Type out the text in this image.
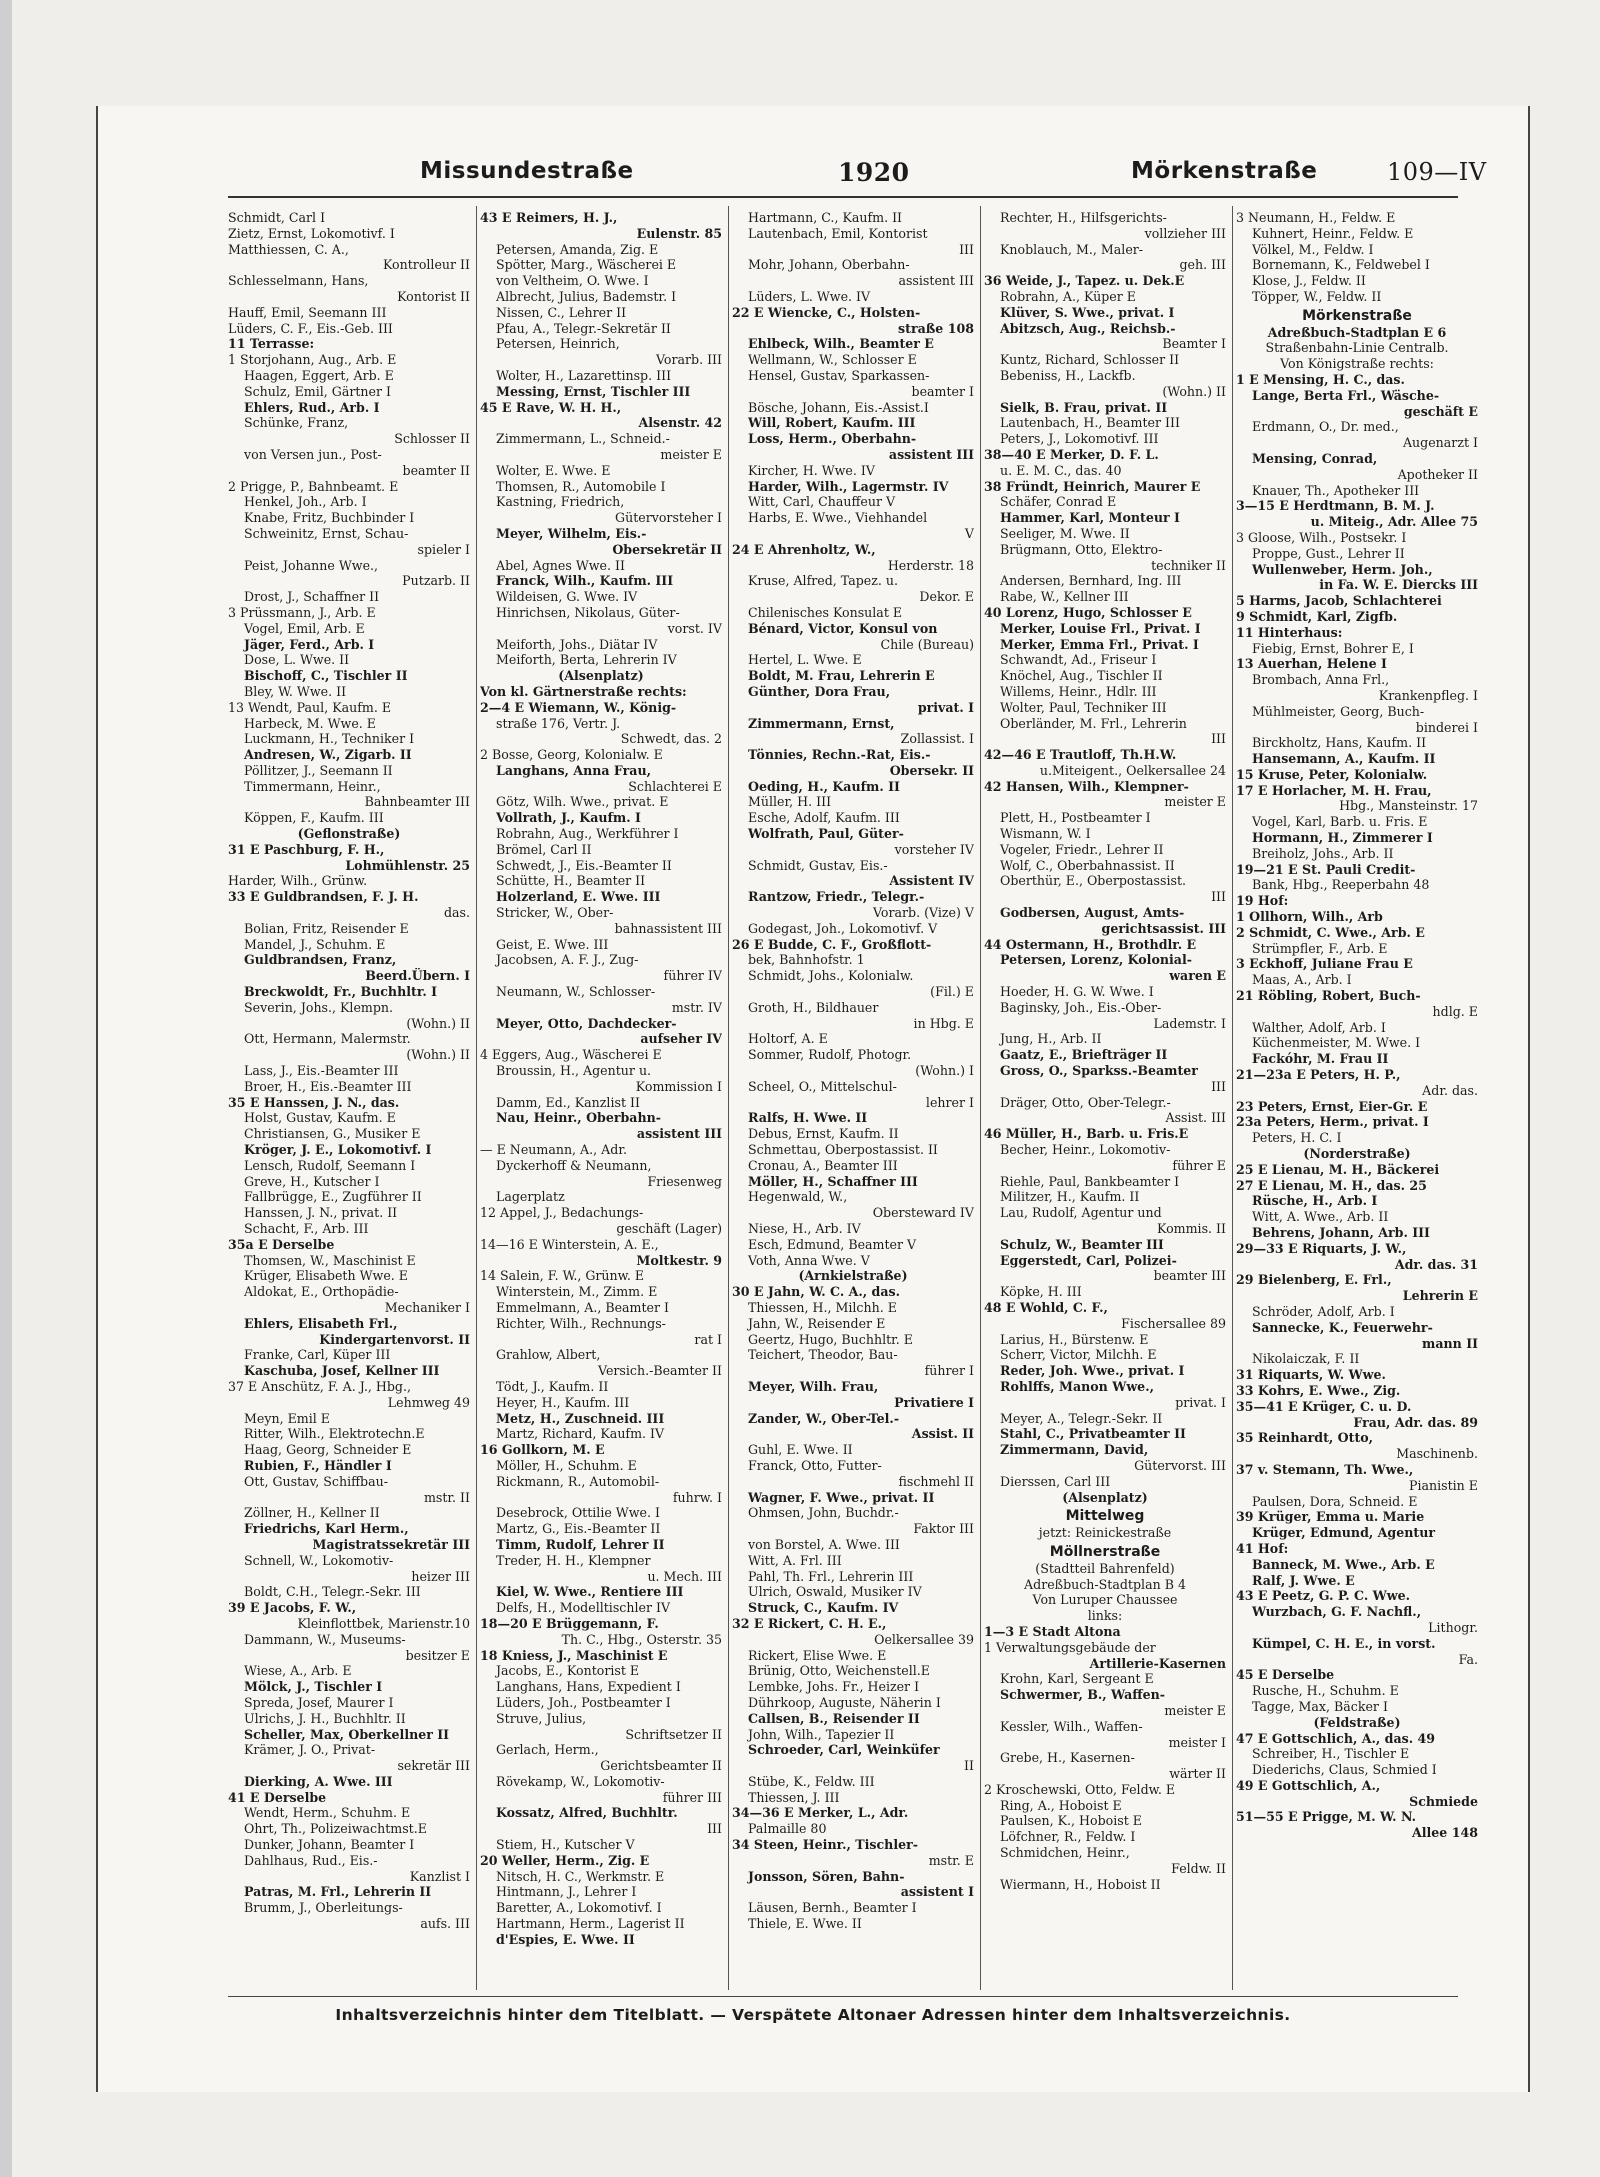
Missundestraße	1920	Mörkenstraße	109—IV
Schmidt, Carl I
Zietz, Ernst, Lokomotivf. I
Matthiessen, C. A.,
Kontrolleur II
Schlesselmann, Hans,
Kontorist II
Hauff, Emil, Seemann III
Lüders, C. F., Eis.-Geb. III
11 Terrasse:
1 Storjohann, Aug., Arb. E
Haagen, Eggert, Arb. E
Schulz, Emil, Gärtner I
Ehlers, Rud., Arb. I
Schünke, Franz,
Schlosser II
von Versen jun., Post-
beamter II
2 Prigge, P., Bahnbeamt. E
Henkel, Joh., Arb. I
Knabe, Fritz, Buchbinder I
Schweinitz, Ernst, Schau-
spieler I
Peist, Johanne Wwe.,
Putzarb. II
Drost, J., Schaffner II
3 Prüssmann, J., Arb. E
Vogel, Emil, Arb. E
Jäger, Ferd., Arb. I
Dose, L. Wwe. II
Bischoff, C., Tischler II
Bley, W. Wwe. II
13 Wendt, Paul, Kaufm. E
Harbeck, M. Wwe. E
Luckmann, H., Techniker I
Andresen, W., Zigarb. II
Pöllitzer, J., Seemann II
Timmermann, Heinr.,
Bahnbeamter III
Köppen, F., Kaufm. III
(Geflonstraße)
31 E Paschburg, F. H.,
Lohmühlenstr. 25
Harder, Wilh., Grünw.
33 E Guldbrandsen, F. J. H.
das.
Bolian, Fritz, Reisender E
Mandel, J., Schuhm. E
Guldbrandsen, Franz,
Beerd.Übern. I
Breckwoldt, Fr., Buchhltr. I
Severin, Johs., Klempn.
(Wohn.) II
Ott, Hermann, Malermstr.
(Wohn.) II
Lass, J., Eis.-Beamter III
Broer, H., Eis.-Beamter III
35 E Hanssen, J. N., das.
Holst, Gustav, Kaufm. E
Christiansen, G., Musiker E
Kröger, J. E., Lokomotivf. I
Lensch, Rudolf, Seemann I
Greve, H., Kutscher I
Fallbrügge, E., Zugführer II
Hanssen, J. N., privat. II
Schacht, F., Arb. III
35a E Derselbe
Thomsen, W., Maschinist E
Krüger, Elisabeth Wwe. E
Aldokat, E., Orthopädie-
Mechaniker I
Ehlers, Elisabeth Frl.,
Kindergartenvorst. II
Franke, Carl, Küper III
Kaschuba, Josef, Kellner III
37 E Anschütz, F. A. J., Hbg.,
Lehmweg 49
Meyn, Emil E
Ritter, Wilh., Elektrotechn.E
Haag, Georg, Schneider E
Rubien, F., Händler I
Ott, Gustav, Schiffbau-
mstr. II
Zöllner, H., Kellner II
Friedrichs, Karl Herm.,
Magistratssekretär III
Schnell, W., Lokomotiv-
heizer III
Boldt, C.H., Telegr.-Sekr. III
39 E Jacobs, F. W.,
Kleinflottbek, Marienstr.10
Dammann, W., Museums-
besitzer E
Wiese, A., Arb. E
Mölck, J., Tischler I
Spreda, Josef, Maurer I
Ulrichs, J. H., Buchhltr. II
Scheller, Max, Oberkellner II
Krämer, J. O., Privat-
sekretär III
Dierking, A. Wwe. III
41 E Derselbe
Wendt, Herm., Schuhm. E
Ohrt, Th., Polizeiwachtmst.E
Dunker, Johann, Beamter I
Dahlhaus, Rud., Eis.-
Kanzlist I
Patras, M. Frl., Lehrerin II
Brumm, J., Oberleitungs-
aufs. III
43 E Reimers, H. J.,
Eulenstr. 85
Petersen, Amanda, Zig. E
Spötter, Marg., Wäscherei E
von Veltheim, O. Wwe. I
Albrecht, Julius, Bademstr. I
Nissen, C., Lehrer II
Pfau, A., Telegr.-Sekretär II
Petersen, Heinrich,
Vorarb. III
Wolter, H., Lazarettinsp. III
Messing, Ernst, Tischler III
45 E Rave, W. H. H.,
Alsenstr. 42
Zimmermann, L., Schneid.-
meister E
Wolter, E. Wwe. E
Thomsen, R., Automobile I
Kastning, Friedrich,
Gütervorsteher I
Meyer, Wilhelm, Eis.-
Obersekretär II
Abel, Agnes Wwe. II
Franck, Wilh., Kaufm. III
Wildeisen, G. Wwe. IV
Hinrichsen, Nikolaus, Güter-
vorst. IV
Meiforth, Johs., Diätar IV
Meiforth, Berta, Lehrerin IV
(Alsenplatz)
Von kl. Gärtnerstraße rechts:
2—4 E Wiemann, W., König-
straße 176, Vertr. J.
Schwedt, das. 2
2 Bosse, Georg, Kolonialw. E
Langhans, Anna Frau,
Schlachterei E
Götz, Wilh. Wwe., privat. E
Vollrath, J., Kaufm. I
Robrahn, Aug., Werkführer I
Brömel, Carl II
Schwedt, J., Eis.-Beamter II
Schütte, H., Beamter II
Holzerland, E. Wwe. III
Stricker, W., Ober-
bahnassistent III
Geist, E. Wwe. III
Jacobsen, A. F. J., Zug-
führer IV
Neumann, W., Schlosser-
mstr. IV
Meyer, Otto, Dachdecker-
aufseher IV
4 Eggers, Aug., Wäscherei E
Broussin, H., Agentur u.
Kommission I
Damm, Ed., Kanzlist II
Nau, Heinr., Oberbahn-
assistent III
— E Neumann, A., Adr.
Dyckerhoff & Neumann,
Friesenweg
Lagerplatz
12 Appel, J., Bedachungs-
geschäft (Lager)
14—16 E Winterstein, A. E.,
Moltkestr. 9
14 Salein, F. W., Grünw. E
Winterstein, M., Zimm. E
Emmelmann, A., Beamter I
Richter, Wilh., Rechnungs-
rat I
Grahlow, Albert,
Versich.-Beamter II
Tödt, J., Kaufm. II
Heyer, H., Kaufm. III
Metz, H., Zuschneid. III
Martz, Richard, Kaufm. IV
16 Gollkorn, M. E
Möller, H., Schuhm. E
Rickmann, R., Automobil-
fuhrw. I
Desebrock, Ottilie Wwe. I
Martz, G., Eis.-Beamter II
Timm, Rudolf, Lehrer II
Treder, H. H., Klempner
u. Mech. III
Kiel, W. Wwe., Rentiere III
Delfs, H., Modelltischler IV
18—20 E Brüggemann, F.
Th. C., Hbg., Osterstr. 35
18 Kniess, J., Maschinist E
Jacobs, E., Kontorist E
Langhans, Hans, Expedient I
Lüders, Joh., Postbeamter I
Struve, Julius,
Schriftsetzer II
Gerlach, Herm.,
Gerichtsbeamter II
Rövekamp, W., Lokomotiv-
führer III
Kossatz, Alfred, Buchhltr.
III
Stiem, H., Kutscher V
20 Weller, Herm., Zig. E
Nitsch, H. C., Werkmstr. E
Hintmann, J., Lehrer I
Baretter, A., Lokomotivf. I
Hartmann, Herm., Lagerist II
d'Espies, E. Wwe. II
Hartmann, C., Kaufm. II
Lautenbach, Emil, Kontorist
III
Mohr, Johann, Oberbahn-
assistent III
Lüders, L. Wwe. IV
22 E Wiencke, C., Holsten-
straße 108
Ehlbeck, Wilh., Beamter E
Wellmann, W., Schlosser E
Hensel, Gustav, Sparkassen-
beamter I
Bösche, Johann, Eis.-Assist.I
Will, Robert, Kaufm. III
Loss, Herm., Oberbahn-
assistent III
Kircher, H. Wwe. IV
Harder, Wilh., Lagermstr. IV
Witt, Carl, Chauffeur V
Harbs, E. Wwe., Viehhandel
V
24 E Ahrenholtz, W.,
Herderstr. 18
Kruse, Alfred, Tapez. u.
Dekor. E
Chilenisches Konsulat E
Bénard, Victor, Konsul von
Chile (Bureau)
Hertel, L. Wwe. E
Boldt, M. Frau, Lehrerin E
Günther, Dora Frau,
privat. I
Zimmermann, Ernst,
Zollassist. I
Tönnies, Rechn.-Rat, Eis.-
Obersekr. II
Oeding, H., Kaufm. II
Müller, H. III
Esche, Adolf, Kaufm. III
Wolfrath, Paul, Güter-
vorsteher IV
Schmidt, Gustav, Eis.-
Assistent IV
Rantzow, Friedr., Telegr.-
Vorarb. (Vize) V
Godegast, Joh., Lokomotivf. V
26 E Budde, C. F., Großflott-
bek, Bahnhofstr. 1
Schmidt, Johs., Kolonialw.
(Fil.) E
Groth, H., Bildhauer
in Hbg. E
Holtorf, A. E
Sommer, Rudolf, Photogr.
(Wohn.) I
Scheel, O., Mittelschul-
lehrer I
Ralfs, H. Wwe. II
Debus, Ernst, Kaufm. II
Schmettau, Oberpostassist. II
Cronau, A., Beamter III
Möller, H., Schaffner III
Hegenwald, W.,
Obersteward IV
Niese, H., Arb. IV
Esch, Edmund, Beamter V
Voth, Anna Wwe. V
(Arnkielstraße)
30 E Jahn, W. C. A., das.
Thiessen, H., Milchh. E
Jahn, W., Reisender E
Geertz, Hugo, Buchhltr. E
Teichert, Theodor, Bau-
führer I
Meyer, Wilh. Frau,
Privatiere I
Zander, W., Ober-Tel.-
Assist. II
Guhl, E. Wwe. II
Franck, Otto, Futter-
fischmehl II
Wagner, F. Wwe., privat. II
Ohmsen, John, Buchdr.-
Faktor III
von Borstel, A. Wwe. III
Witt, A. Frl. III
Pahl, Th. Frl., Lehrerin III
Ulrich, Oswald, Musiker IV
Struck, C., Kaufm. IV
32 E Rickert, C. H. E.,
Oelkersallee 39
Rickert, Elise Wwe. E
Brünig, Otto, Weichenstell.E
Lembke, Johs. Fr., Heizer I
Dührkoop, Auguste, Näherin I
Callsen, B., Reisender II
John, Wilh., Tapezier II
Schroeder, Carl, Weinküfer
II
Stübe, K., Feldw. III
Thiessen, J. III
34—36 E Merker, L., Adr.
Palmaille 80
34 Steen, Heinr., Tischler-
mstr. E
Jonsson, Sören, Bahn-
assistent I
Läusen, Bernh., Beamter I
Thiele, E. Wwe. II
Rechter, H., Hilfsgerichts-
vollzieher III
Knoblauch, M., Maler-
geh. III
36 Weide, J., Tapez. u. Dek.E
Robrahn, A., Küper E
Klüver, S. Wwe., privat. I
Abitzsch, Aug., Reichsb.-
Beamter I
Kuntz, Richard, Schlosser II
Bebeniss, H., Lackfb.
(Wohn.) II
Sielk, B. Frau, privat. II
Lautenbach, H., Beamter III
Peters, J., Lokomotivf. III
38—40 E Merker, D. F. L.
u. E. M. C., das. 40
38 Fründt, Heinrich, Maurer E
Schäfer, Conrad E
Hammer, Karl, Monteur I
Seeliger, M. Wwe. II
Brügmann, Otto, Elektro-
techniker II
Andersen, Bernhard, Ing. III
Rabe, W., Kellner III
40 Lorenz, Hugo, Schlosser E
Merker, Louise Frl., Privat. I
Merker, Emma Frl., Privat. I
Schwandt, Ad., Friseur I
Knöchel, Aug., Tischler II
Willems, Heinr., Hdlr. III
Wolter, Paul, Techniker III
Oberländer, M. Frl., Lehrerin
III
42—46 E Trautloff, Th.H.W.
u.Miteigent., Oelkersallee 24
42 Hansen, Wilh., Klempner-
meister E
Plett, H., Postbeamter I
Wismann, W. I
Vogeler, Friedr., Lehrer II
Wolf, C., Oberbahnassist. II
Oberthür, E., Oberpostassist.
III
Godbersen, August, Amts-
gerichtsassist. III
44 Ostermann, H., Brothdlr. E
Petersen, Lorenz, Kolonial-
waren E
Hoeder, H. G. W. Wwe. I
Baginsky, Joh., Eis.-Ober-
Lademstr. I
Jung, H., Arb. II
Gaatz, E., Briefträger II
Gross, O., Sparkss.-Beamter
III
Dräger, Otto, Ober-Telegr.-
Assist. III
46 Müller, H., Barb. u. Fris.E
Becher, Heinr., Lokomotiv-
führer E
Riehle, Paul, Bankbeamter I
Militzer, H., Kaufm. II
Lau, Rudolf, Agentur und
Kommis. II
Schulz, W., Beamter III
Eggerstedt, Carl, Polizei-
beamter III
Köpke, H. III
48 E Wohld, C. F.,
Fischersallee 89
Larius, H., Bürstenw. E
Scherr, Victor, Milchh. E
Reder, Joh. Wwe., privat. I
Rohlffs, Manon Wwe.,
privat. I
Meyer, A., Telegr.-Sekr. II
Stahl, C., Privatbeamter II
Zimmermann, David,
Gütervorst. III
Dierssen, Carl III
(Alsenplatz)
Mittelweg
jetzt: Reinickestraße
Möllnerstraße
(Stadtteil Bahrenfeld)
Adreßbuch-Stadtplan B 4
Von Luruper Chaussee
links:
1—3 E Stadt Altona
1 Verwaltungsgebäude der
Artillerie-Kasernen
Krohn, Karl, Sergeant E
Schwermer, B., Waffen-
meister E
Kessler, Wilh., Waffen-
meister I
Grebe, H., Kasernen-
wärter II
2 Kroschewski, Otto, Feldw. E
Ring, A., Hoboist E
Paulsen, K., Hoboist E
Löfchner, R., Feldw. I
Schmidchen, Heinr.,
Feldw. II
Wiermann, H., Hoboist II
3 Neumann, H., Feldw. E
Kuhnert, Heinr., Feldw. E
Völkel, M., Feldw. I
Bornemann, K., Feldwebel I
Klose, J., Feldw. II
Töpper, W., Feldw. II
Mörkenstraße
Adreßbuch-Stadtplan E 6
Straßenbahn-Linie Centralb.
Von Königstraße rechts:
1 E Mensing, H. C., das.
Lange, Berta Frl., Wäsche-
geschäft E
Erdmann, O., Dr. med.,
Augenarzt I
Mensing, Conrad,
Apotheker II
Knauer, Th., Apotheker III
3—15 E Herdtmann, B. M. J.
u. Miteig., Adr. Allee 75
3 Gloose, Wilh., Postsekr. I
Proppe, Gust., Lehrer II
Wullenweber, Herm. Joh.,
in Fa. W. E. Diercks III
5 Harms, Jacob, Schlachterei
9 Schmidt, Karl, Zigfb.
11 Hinterhaus:
Fiebig, Ernst, Bohrer E, I
13 Auerhan, Helene I
Brombach, Anna Frl.,
Krankenpfleg. I
Mühlmeister, Georg, Buch-
binderei I
Birckholtz, Hans, Kaufm. II
Hansemann, A., Kaufm. II
15 Kruse, Peter, Kolonialw.
17 E Horlacher, M. H. Frau,
Hbg., Mansteinstr. 17
Vogel, Karl, Barb. u. Fris. E
Hormann, H., Zimmerer I
Breiholz, Johs., Arb. II
19—21 E St. Pauli Credit-
Bank, Hbg., Reeperbahn 48
19 Hof:
1 Ollhorn, Wilh., Arb
2 Schmidt, C. Wwe., Arb. E
Strümpfler, F., Arb. E
3 Eckhoff, Juliane Frau E
Maas, A., Arb. I
21 Röbling, Robert, Buch-
hdlg. E
Walther, Adolf, Arb. I
Küchenmeister, M. Wwe. I
Fackóhr, M. Frau II
21—23a E Peters, H. P.,
Adr. das.
23 Peters, Ernst, Eier-Gr. E
23a Peters, Herm., privat. I
Peters, H. C. I
(Norderstraße)
25 E Lienau, M. H., Bäckerei
27 E Lienau, M. H., das. 25
Rüsche, H., Arb. I
Witt, A. Wwe., Arb. II
Behrens, Johann, Arb. III
29—33 E Riquarts, J. W.,
Adr. das. 31
29 Bielenberg, E. Frl.,
Lehrerin E
Schröder, Adolf, Arb. I
Sannecke, K., Feuerwehr-
mann II
Nikolaiczak, F. II
31 Riquarts, W. Wwe.
33 Kohrs, E. Wwe., Zig.
35—41 E Krüger, C. u. D.
Frau, Adr. das. 89
35 Reinhardt, Otto,
Maschinenb.
37 v. Stemann, Th. Wwe.,
Pianistin E
Paulsen, Dora, Schneid. E
39 Krüger, Emma u. Marie
Krüger, Edmund, Agentur
41 Hof:
Banneck, M. Wwe., Arb. E
Ralf, J. Wwe. E
43 E Peetz, G. P. C. Wwe.
Wurzbach, G. F. Nachfl.,
Lithogr.
Kümpel, C. H. E., in vorst.
Fa.
45 E Derselbe
Rusche, H., Schuhm. E
Tagge, Max, Bäcker I
(Feldstraße)
47 E Gottschlich, A., das. 49
Schreiber, H., Tischler E
Diederichs, Claus, Schmied I
49 E Gottschlich, A.,
Schmiede
51—55 E Prigge, M. W. N.
Allee 148
Inhaltsverzeichnis hinter dem Titelblatt. — Verspätete Altonaer Adressen hinter dem Inhaltsverzeichnis.
